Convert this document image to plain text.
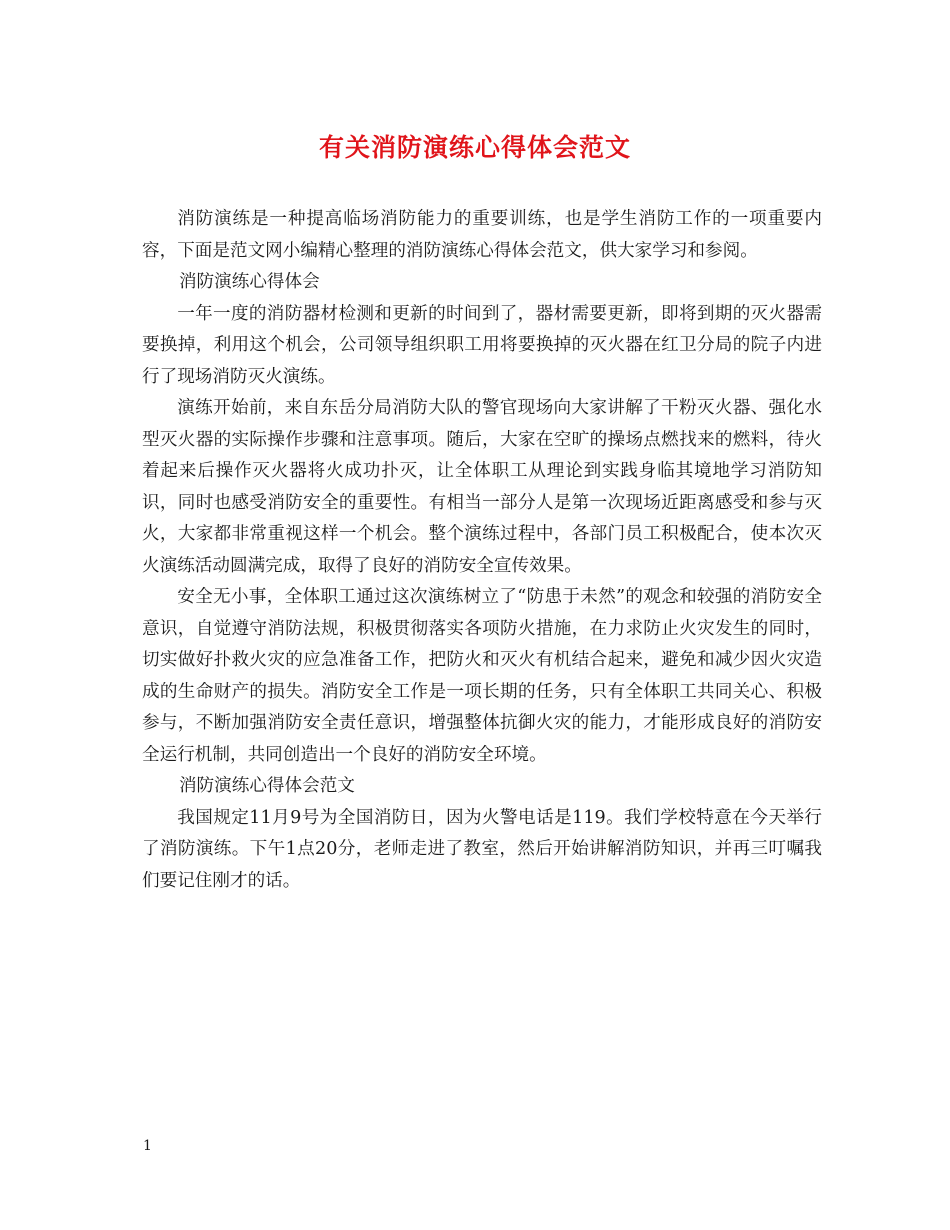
有关消防演练心得体会范文

消防演练是一种提高临场消防能力的重要训练，也是学生消防工作的一项重要内容，下面是范文网小编精心整理的消防演练心得体会范文，供大家学习和参阅。

消防演练心得体会

一年一度的消防器材检测和更新的时间到了，器材需要更新，即将到期的灭火器需要换掉，利用这个机会，公司领导组织职工用将要换掉的灭火器在红卫分局的院子内进行了现场消防灭火演练。

演练开始前，来自东岳分局消防大队的警官现场向大家讲解了干粉灭火器、强化水型灭火器的实际操作步骤和注意事项。随后，大家在空旷的操场点燃找来的燃料，待火着起来后操作灭火器将火成功扑灭，让全体职工从理论到实践身临其境地学习消防知识，同时也感受消防安全的重要性。有相当一部分人是第一次现场近距离感受和参与灭火，大家都非常重视这样一个机会。整个演练过程中，各部门员工积极配合，使本次灭火演练活动圆满完成，取得了良好的消防安全宣传效果。

安全无小事，全体职工通过这次演练树立了“防患于未然”的观念和较强的消防安全意识，自觉遵守消防法规，积极贯彻落实各项防火措施，在力求防止火灾发生的同时，切实做好扑救火灾的应急准备工作，把防火和灭火有机结合起来，避免和减少因火灾造成的生命财产的损失。消防安全工作是一项长期的任务，只有全体职工共同关心、积极参与，不断加强消防安全责任意识，增强整体抗御火灾的能力，才能形成良好的消防安全运行机制，共同创造出一个良好的消防安全环境。

消防演练心得体会范文

我国规定11月9号为全国消防日，因为火警电话是119。我们学校特意在今天举行了消防演练。下午1点20分，老师走进了教室，然后开始讲解消防知识，并再三叮嘱我们要记住刚才的话。

1
